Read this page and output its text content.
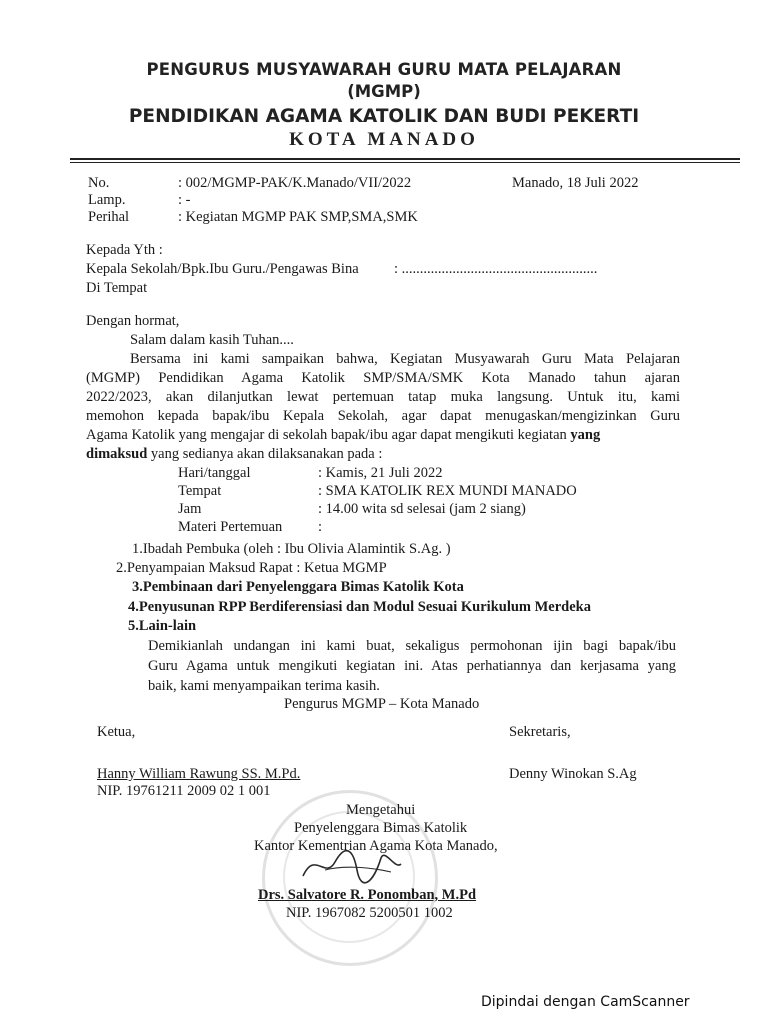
PENGURUS MUSYAWARAH GURU MATA PELAJARAN
(MGMP)
PENDIDIKAN AGAMA KATOLIK DAN BUDI PEKERTI
KOTA MANADO
No.	: 002/MGMP-PAK/K.Manado/VII/2022	Manado, 18 Juli 2022
Lamp.	: -
Perihal	: Kegiatan MGMP PAK SMP,SMA,SMK
Kepada Yth :
Kepala Sekolah/Bpk.Ibu Guru./Pengawas Bina : ......................................................
Di Tempat
Dengan hormat,
Salam dalam kasih Tuhan....
Bersama ini kami sampaikan bahwa, Kegiatan Musyawarah Guru Mata Pelajaran
(MGMP) Pendidikan Agama Katolik SMP/SMA/SMK Kota Manado tahun ajaran
2022/2023, akan dilanjutkan lewat pertemuan tatap muka langsung. Untuk itu, kami
memohon kepada bapak/ibu Kepala Sekolah, agar dapat menugaskan/mengizinkan Guru
Agama Katolik yang mengajar di sekolah bapak/ibu agar dapat mengikuti kegiatan yang
dimaksud yang sedianya akan dilaksanakan pada :
Hari/tanggal	: Kamis, 21 Juli 2022
Tempat	: SMA KATOLIK REX MUNDI MANADO
Jam	: 14.00 wita sd selesai (jam 2 siang)
Materi Pertemuan :
1.Ibadah Pembuka (oleh : Ibu Olivia Alamintik S.Ag. )
2.Penyampaian Maksud Rapat : Ketua MGMP
3.Pembinaan dari Penyelenggara Bimas Katolik Kota
4.Penyusunan RPP Berdiferensiasi dan Modul Sesuai Kurikulum Merdeka
5.Lain-lain
Demikianlah undangan ini kami buat, sekaligus permohonan ijin bagi bapak/ibu
Guru Agama untuk mengikuti kegiatan ini. Atas perhatiannya dan kerjasama yang
baik, kami menyampaikan terima kasih.
Pengurus MGMP – Kota Manado
Ketua,	Sekretaris,
Hanny William Rawung SS. M.Pd.	Denny Winokan S.Ag
NIP. 19761211 2009 02 1 001
Mengetahui
Penyelenggara Bimas Katolik
Kantor Kementrian Agama Kota Manado,
Drs. Salvatore R. Ponomban, M.Pd
NIP. 1967082 5200501 1002
Dipindai dengan CamScanner
